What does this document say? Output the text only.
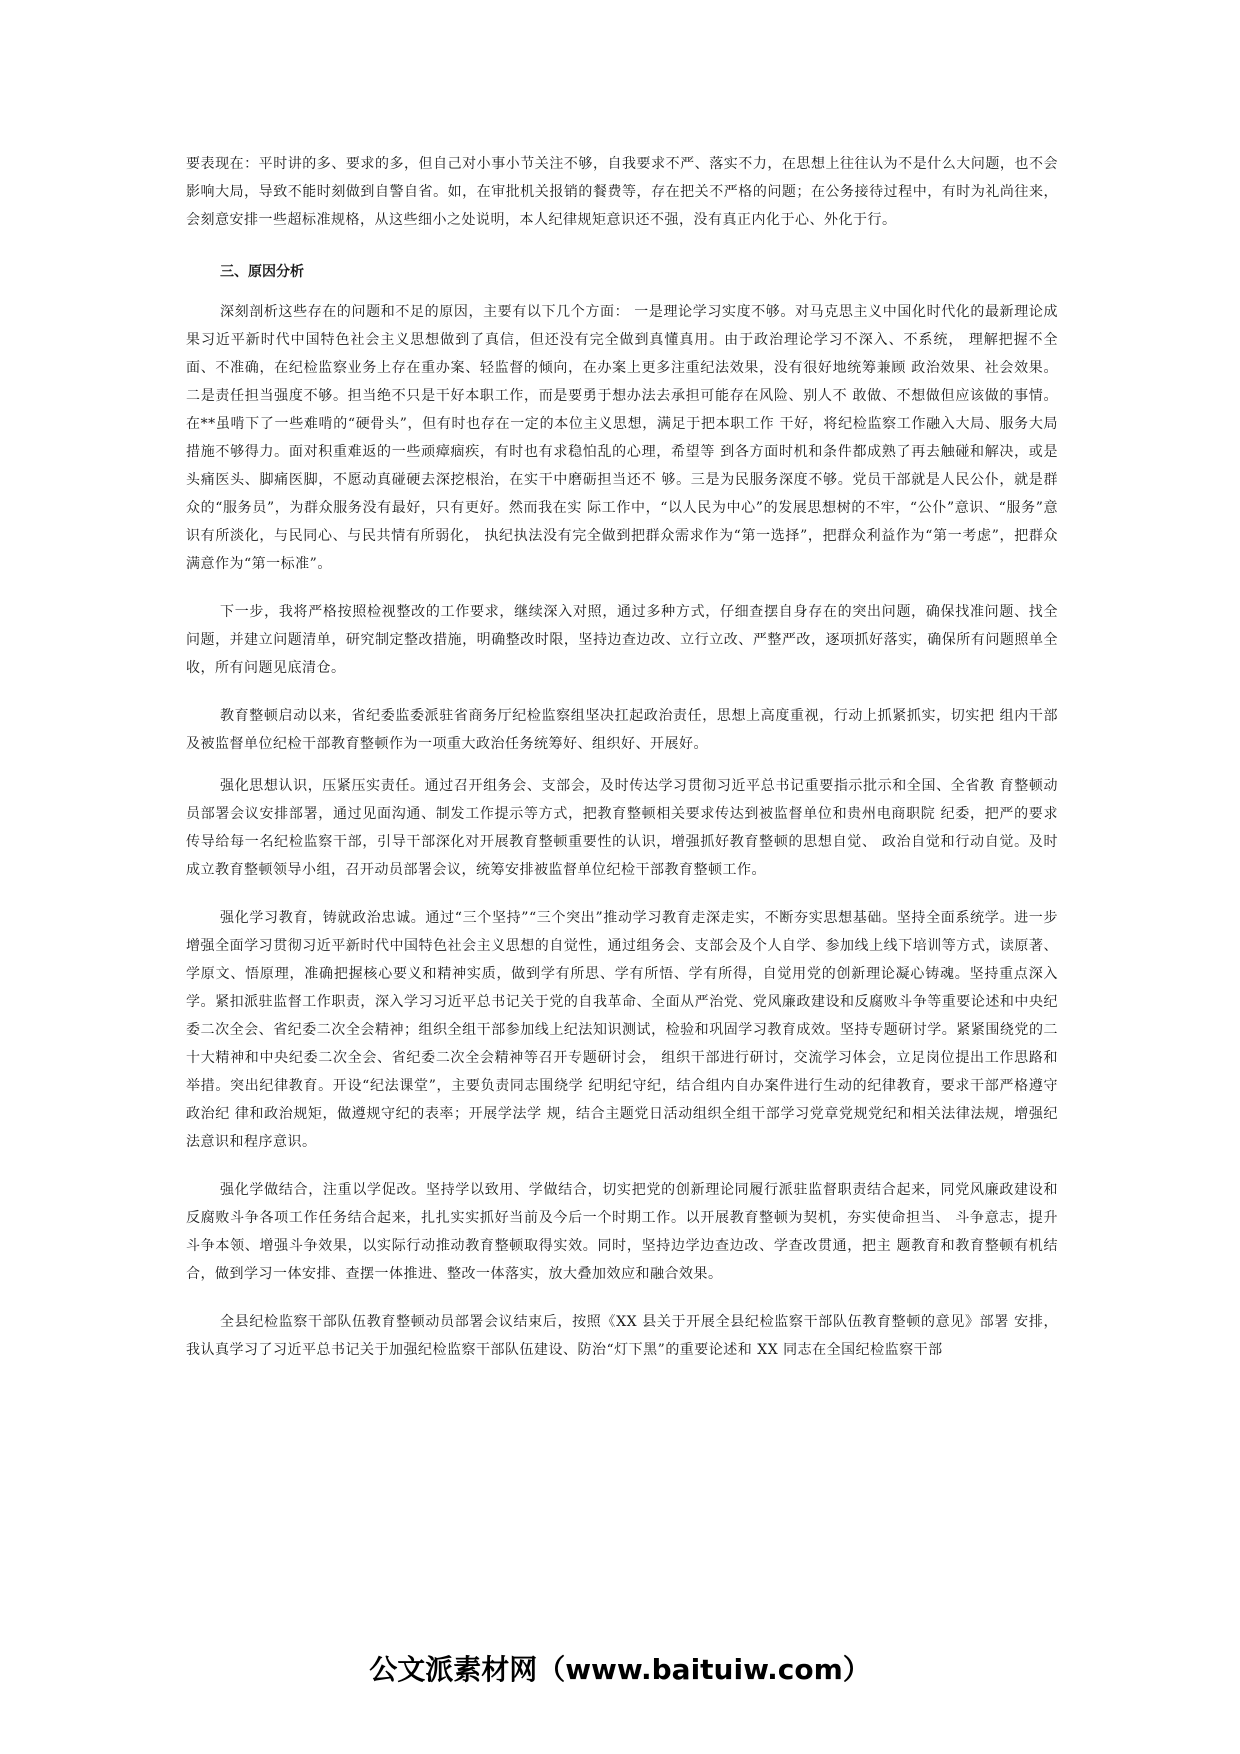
要表现在：平时讲的多、要求的多，但自己对小事小节关注不够，自我要求不严、落实不力，在思想上往往认为不是什么大问题，也不会影响大局，导致不能时刻做到自警自省。如，在审批机关报销的餐费等，存在把关不严格的问题；在公务接待过程中，有时为礼尚往来，会刻意安排一些超标准规格，从这些细小之处说明，本人纪律规矩意识还不强，没有真正内化于心、外化于行。

三、原因分析

深刻剖析这些存在的问题和不足的原因，主要有以下几个方面： 一是理论学习实度不够。对马克思主义中国化时代化的最新理论成果习近平新时代中国特色社会主义思想做到了真信，但还没有完全做到真懂真用。由于政治理论学习不深入、不系统， 理解把握不全面、不准确，在纪检监察业务上存在重办案、轻监督的倾向，在办案上更多注重纪法效果，没有很好地统筹兼顾 政治效果、社会效果。二是责任担当强度不够。担当绝不只是干好本职工作，而是要勇于想办法去承担可能存在风险、别人不 敢做、不想做但应该做的事情。在**虽啃下了一些难啃的“硬骨头”，但有时也存在一定的本位主义思想，满足于把本职工作 干好，将纪检监察工作融入大局、服务大局措施不够得力。面对积重难返的一些顽瘴痼疾，有时也有求稳怕乱的心理，希望等 到各方面时机和条件都成熟了再去触碰和解决，或是头痛医头、脚痛医脚，不愿动真碰硬去深挖根治，在实干中磨砺担当还不 够。三是为民服务深度不够。党员干部就是人民公仆，就是群众的“服务员”，为群众服务没有最好，只有更好。然而我在实 际工作中，“以人民为中心”的发展思想树的不牢，“公仆”意识、“服务”意识有所淡化，与民同心、与民共情有所弱化， 执纪执法没有完全做到把群众需求作为“第一选择”，把群众利益作为“第一考虑”，把群众满意作为“第一标准”。

下一步，我将严格按照检视整改的工作要求，继续深入对照，通过多种方式，仔细查摆自身存在的突出问题，确保找准问题、找全问题，并建立问题清单，研究制定整改措施，明确整改时限，坚持边查边改、立行立改、严整严改，逐项抓好落实，确保所有问题照单全收，所有问题见底清仓。

教育整顿启动以来，省纪委监委派驻省商务厅纪检监察组坚决扛起政治责任，思想上高度重视，行动上抓紧抓实，切实把 组内干部及被监督单位纪检干部教育整顿作为一项重大政治任务统筹好、组织好、开展好。

强化思想认识，压紧压实责任。通过召开组务会、支部会，及时传达学习贯彻习近平总书记重要指示批示和全国、全省教 育整顿动员部署会议安排部署，通过见面沟通、制发工作提示等方式，把教育整顿相关要求传达到被监督单位和贵州电商职院 纪委，把严的要求传导给每一名纪检监察干部，引导干部深化对开展教育整顿重要性的认识，增强抓好教育整顿的思想自觉、 政治自觉和行动自觉。及时成立教育整顿领导小组，召开动员部署会议，统筹安排被监督单位纪检干部教育整顿工作。

强化学习教育，铸就政治忠诚。通过“三个坚持”“三个突出”推动学习教育走深走实，不断夯实思想基础。坚持全面系统学。进一步增强全面学习贯彻习近平新时代中国特色社会主义思想的自觉性，通过组务会、支部会及个人自学、参加线上线下培训等方式，读原著、学原文、悟原理，准确把握核心要义和精神实质，做到学有所思、学有所悟、学有所得，自觉用党的创新理论凝心铸魂。坚持重点深入学。紧扣派驻监督工作职责，深入学习习近平总书记关于党的自我革命、全面从严治党、党风廉政建设和反腐败斗争等重要论述和中央纪委二次全会、省纪委二次全会精神；组织全组干部参加线上纪法知识测试，检验和巩固学习教育成效。坚持专题研讨学。紧紧围绕党的二十大精神和中央纪委二次全会、省纪委二次全会精神等召开专题研讨会， 组织干部进行研讨，交流学习体会，立足岗位提出工作思路和举措。突出纪律教育。开设“纪法课堂”，主要负责同志围绕学 纪明纪守纪，结合组内自办案件进行生动的纪律教育，要求干部严格遵守政治纪 律和政治规矩，做遵规守纪的表率；开展学法学 规，结合主题党日活动组织全组干部学习党章党规党纪和相关法律法规，增强纪法意识和程序意识。

强化学做结合，注重以学促改。坚持学以致用、学做结合，切实把党的创新理论同履行派驻监督职责结合起来，同党风廉政建设和反腐败斗争各项工作任务结合起来，扎扎实实抓好当前及今后一个时期工作。以开展教育整顿为契机，夯实使命担当、 斗争意志，提升斗争本领、增强斗争效果，以实际行动推动教育整顿取得实效。同时，坚持边学边查边改、学查改贯通，把主 题教育和教育整顿有机结合，做到学习一体安排、查摆一体推进、整改一体落实，放大叠加效应和融合效果。

全县纪检监察干部队伍教育整顿动员部署会议结束后，按照《XX 县关于开展全县纪检监察干部队伍教育整顿的意见》部署 安排，我认真学习了习近平总书记关于加强纪检监察干部队伍建设、防治“灯下黑”的重要论述和 XX 同志在全国纪检监察干部

公文派素材网（www.baituiw.com）
